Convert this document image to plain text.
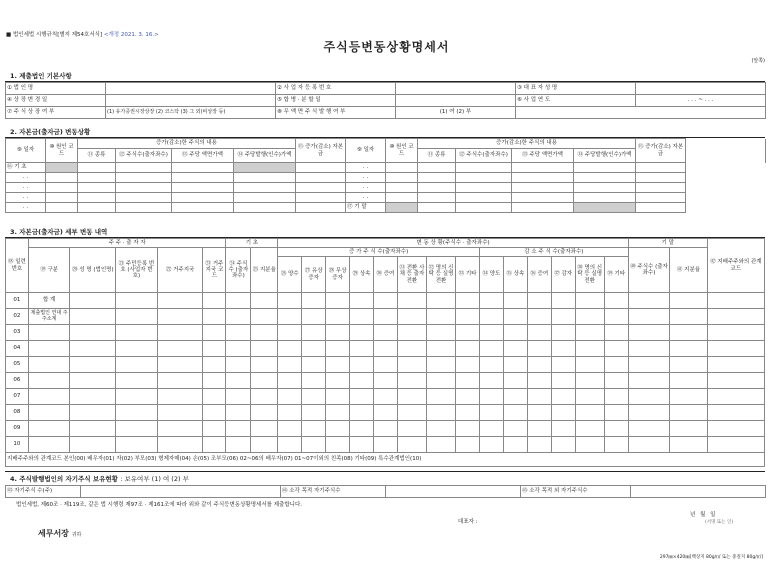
■ 법인세법 시행규칙[별지 제54호서식] <개정 2021. 3. 16.>
주식등변동상황명세서
(앞쪽)
1. 제출법인 기본사항
① 법 인 명		② 사 업 자 등 록 번 호		③ 대 표 자 성 명	
④ 상 장 변 경 일		⑤ 합 병 · 분 할 일		⑥ 사 업 연 도	. . . ~ . . .
⑦ 주 식 상 장 여 부	(1) 유가증권시장상장 (2) 코스닥 (3) 그 외(비상장 등)	⑧ 무 액 면 주 식 발 행 여 부	(1) 여 (2) 부		
2. 자본금(출자금) 변동상황
⑨ 일자	⑩ 원인 코드	증가(감소)한 주식의 내용				⑮ 증가(감소) 자본금	⑨ 일자	⑩ 원인 코드	증가(감소)한 주식의 내용				⑮ 증가(감소) 자본금	
		⑪ 종류	⑫ 주식수(출자좌수)	⑬ 주당 액면가액	⑭ 주당발행(인수)가액				⑪ 종류	⑫ 주식수(출자좌수)	⑬ 주당 액면가액	⑭ 주당발행(인수)가액		
⑯ 기 초							. .							
. .							. .							
. .							. .							
. .							. .							
. .							⑰ 기 말							
3. 자본금(출자금) 세부 변동 내역
⑱ 일련 번호	주 주 · 출 자 자					기 초		변 동 상 황(주식수 · 출자좌수)														기 말		㊷ 지배주주와의 관계코드
	⑲ 구분	⑳ 성 명 (법인명)	㉑ 주민등록 번호 (사업자 번호)	㉒ 거주지국	㉓ 거주 지국 코드	㉔ 주식수 (출자 좌수)	㉕ 지분율	증 가 주 식 수(출자좌수)								감 소 주 식 수(출자좌수)						㊵ 주식수 (출자 좌수)	㊶ 지분율	
								㉖ 양수	㉗ 유상 증자	㉘ 무상 증자	㉙ 상속	㉚ 증여	㉛ 전환 사채 등 출자전환	㉜ 명의 신탁 등 실명전환	㉝ 기타	㉞ 양도	㉟ 상속	㊱ 증여	㊲ 감자	㊳ 명의 신탁 등 실명전환	㊴ 기타			
01	합 계																							
02	제출법인 연대 주주소계																							
03																								
04																								
05																								
06																								
07																								
08																								
09																								
10																								
지배주주와의 관계코드 본인(00) 배우자(01) 자(02) 부모(03) 형제자매(04) 손(05) 조부모(06) 02~06의 배우자(07) 01~07이외의 친족(08) 기타(09) 특수관계법인(10)																								
4. 주식발행법인의 자기주식 보유현황 : 보유여부 (1) 여 (2) 부
㊸ 자기주식 수(주)		㊹ 소각 목적 자기주식수		㊺ 소각 목적 외 자기주식수	
법인세법, 제60조 · 제119조, 같은 법 시행령 제97조 · 제161조에 따라 위와 같이 주식등변동상황명세서를 제출합니다.
년 월 일
대표자 :	(서명 또는 인)
세무서장 귀하
297㎜×420㎜[백상지 80g/㎡ 또는 중질지 80g/㎡]
